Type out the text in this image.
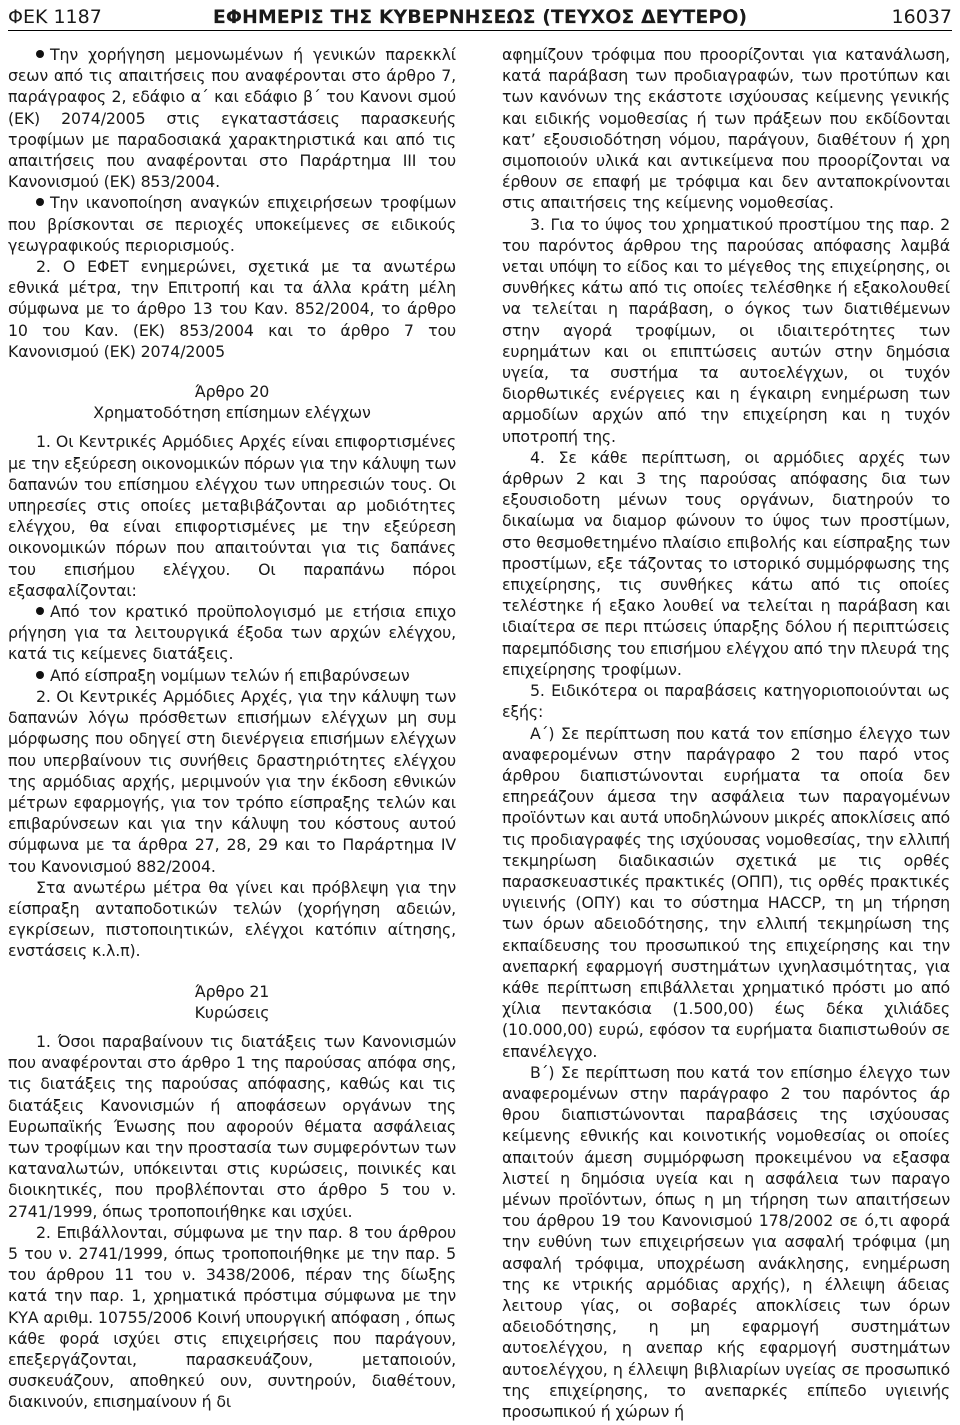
ΦΕΚ 1187	ΕΦΗΜΕΡΙΣ ΤΗΣ ΚΥΒΕΡΝΗΣΕΩΣ (ΤΕΥΧΟΣ ΔΕΥΤΕΡΟ)	16037

Την χορήγηση μεμονωμένων ή γενικών παρεκκλί σεων από τις απαιτήσεις που αναφέρονται στο άρθρο 7, παράγραφος 2, εδάφιο α΄ και εδάφιο β΄ του Κανονι σμού (ΕΚ) 2074/2005 στις εγκαταστάσεις παρασκευής τροφίμων με παραδοσιακά χαρακτηριστικά και από τις απαιτήσεις που αναφέρονται στο Παράρτημα ΙΙΙ του Κανονισμού (ΕΚ) 853/2004.

Την ικανοποίηση αναγκών επιχειρήσεων τροφίμων που βρίσκονται σε περιοχές υποκείμενες σε ειδικούς γεωγραφικούς περιορισμούς.

2. Ο ΕΦΕΤ ενημερώνει, σχετικά με τα ανωτέρω εθνικά μέτρα, την Επιτροπή και τα άλλα κράτη μέλη σύμφωνα με το άρθρο 13 του Καν. 852/2004, το άρθρο 10 του Καν. (ΕΚ) 853/2004 και το άρθρο 7 του Κανονισμού (ΕΚ) 2074/2005

Άρθρο 20

Χρηματοδότηση επίσημων ελέγχων

1. Οι Κεντρικές Αρμόδιες Αρχές είναι επιφορτισμένες με την εξεύρεση οικονομικών πόρων για την κάλυψη των δαπανών του επίσημου ελέγχου των υπηρεσιών τους. Οι υπηρεσίες στις οποίες μεταβιβάζονται αρ μοδιότητες ελέγχου, θα είναι επιφορτισμένες με την εξεύρεση οικονομικών πόρων που απαιτούνται για τις δαπάνες του επισήμου ελέγχου. Οι παραπάνω πόροι εξασφαλίζονται:

Από τον κρατικό προϋπολογισμό με ετήσια επιχο ρήγηση για τα λειτουργικά έξοδα των αρχών ελέγχου, κατά τις κείμενες διατάξεις.

Από είσπραξη νομίμων τελών ή επιβαρύνσεων

2. Οι Κεντρικές Αρμόδιες Αρχές, για την κάλυψη των δαπανών λόγω πρόσθετων επισήμων ελέγχων μη συμ μόρφωσης που οδηγεί στη διενέργεια επισήμων ελέγχων που υπερβαίνουν τις συνήθεις δραστηριότητες ελέγχου της αρμόδιας αρχής, μεριμνούν για την έκδοση εθνικών μέτρων εφαρμογής, για τον τρόπο είσπραξης τελών και επιβαρύνσεων και για την κάλυψη του κόστους αυτού σύμφωνα με τα άρθρα 27, 28, 29 και το Παράρτημα IV του Κανονισμού 882/2004.

Στα ανωτέρω μέτρα θα γίνει και πρόβλεψη για την είσπραξη ανταποδοτικών τελών (χορήγηση αδειών, εγκρίσεων, πιστοποιητικών, ελέγχοι κατόπιν αίτησης, ενστάσεις κ.λ.π).

Άρθρο 21

Κυρώσεις

1. Όσοι παραβαίνουν τις διατάξεις των Κανονισμών που αναφέρονται στο άρθρο 1 της παρούσας απόφα σης, τις διατάξεις της παρούσας απόφασης, καθώς και τις διατάξεις Κανονισμών ή αποφάσεων οργάνων της Ευρωπαϊκής Ένωσης που αφορούν θέματα ασφάλειας των τροφίμων και την προστασία των συμφερόντων των καταναλωτών, υπόκεινται στις κυρώσεις, ποινικές και διοικητικές, που προβλέπονται στο άρθρο 5 του ν. 2741/1999, όπως τροποποιήθηκε και ισχύει.

2. Επιβάλλονται, σύμφωνα με την παρ. 8 του άρθρου 5 του ν. 2741/1999, όπως τροποποιήθηκε με την παρ. 5 του άρθρου 11 του ν. 3438/2006, πέραν της δίωξης κατά την παρ. 1, χρηματικά πρόστιμα σύμφωνα με την ΚΥΑ αριθμ. 10755/2006 Κοινή υπουργική απόφαση , όπως κάθε φορά ισχύει στις επιχειρήσεις που παράγουν, επεξεργάζονται, παρασκευάζουν, μεταποιούν, συσκευάζουν, αποθηκεύ ουν, συντηρούν, διαθέτουν, διακινούν, επισημαίνουν ή δι

αφημίζουν τρόφιμα που προορίζονται για κατανάλωση, κατά παράβαση των προδιαγραφών, των προτύπων και των κανόνων της εκάστοτε ισχύουσας κείμενης γενικής και ειδικής νομοθεσίας ή των πράξεων που εκδίδονται κατ’ εξουσιοδότηση νόμου, παράγουν, διαθέτουν ή χρη σιμοποιούν υλικά και αντικείμενα που προορίζονται να έρθουν σε επαφή με τρόφιμα και δεν ανταποκρίνονται στις απαιτήσεις της κείμενης νομοθεσίας.

3. Για το ύψος του χρηματικού προστίμου της παρ. 2 του παρόντος άρθρου της παρούσας απόφασης λαμβά νεται υπόψη το είδος και το μέγεθος της επιχείρησης, οι συνθήκες κάτω από τις οποίες τελέσθηκε ή εξακολουθεί να τελείται η παράβαση, ο όγκος των διατιθέμενων στην αγορά τροφίμων, οι ιδιαιτερότητες των ευρημάτων και οι επιπτώσεις αυτών στην δημόσια υγεία, τα συστήμα τα αυτοελέγχων, οι τυχόν διορθωτικές ενέργειες και η έγκαιρη ενημέρωση των αρμοδίων αρχών από την επιχείρηση και η τυχόν υποτροπή της.

4. Σε κάθε περίπτωση, οι αρμόδιες αρχές των άρθρων 2 και 3 της παρούσας απόφασης δια των εξουσιοδοτη μένων τους οργάνων, διατηρούν το δικαίωμα να διαμορ φώνουν το ύψος των προστίμων, στο θεσμοθετημένο πλαίσιο επιβολής και είσπραξης των προστίμων, εξε τάζοντας το ιστορικό συμμόρφωσης της επιχείρησης, τις συνθήκες κάτω από τις οποίες τελέστηκε ή εξακο λουθεί να τελείται η παράβαση και ιδιαίτερα σε περι πτώσεις ύπαρξης δόλου ή περιπτώσεις παρεμπόδισης του επισήμου ελέγχου από την πλευρά της επιχείρησης τροφίμων.

5. Ειδικότερα οι παραβάσεις κατηγοριοποιούνται ως εξής:

Α΄) Σε περίπτωση που κατά τον επίσημο έλεγχο των αναφερομένων στην παράγραφο 2 του παρό ντος άρθρου διαπιστώνονται ευρήματα τα οποία δεν επηρεάζουν άμεσα την ασφάλεια των παραγομένων προϊόντων και αυτά υποδηλώνουν μικρές αποκλίσεις από τις προδιαγραφές της ισχύουσας νομοθεσίας, την ελλιπή τεκμηρίωση διαδικασιών σχετικά με τις ορθές παρασκευαστικές πρακτικές (ΟΠΠ), τις ορθές πρακτικές υγιεινής (ΟΠΥ) και το σύστημα HACCP, τη μη τήρηση των όρων αδειοδότησης, την ελλιπή τεκμηρίωση της εκπαίδευσης του προσωπικού της επιχείρησης και την ανεπαρκή εφαρμογή συστημάτων ιχνηλασιμότητας, για κάθε περίπτωση επιβάλλεται χρηματικό πρόστι μο από χίλια πεντακόσια (1.500,00) έως δέκα χιλιάδες (10.000,00) ευρώ, εφόσον τα ευρήματα διαπιστωθούν σε επανέλεγχο.

Β΄) Σε περίπτωση που κατά τον επίσημο έλεγχο των αναφερομένων στην παράγραφο 2 του παρόντος άρ θρου διαπιστώνονται παραβάσεις της ισχύουσας κείμενης εθνικής και κοινοτικής νομοθεσίας οι οποίες απαιτούν άμεση συμμόρφωση προκειμένου να εξασφα λιστεί η δημόσια υγεία και η ασφάλεια των παραγο μένων προϊόντων, όπως η μη τήρηση των απαιτήσεων του άρθρου 19 του Κανονισμού 178/2002 σε ό,τι αφορά την ευθύνη των επιχειρήσεων για ασφαλή τρόφιμα (μη ασφαλή τρόφιμα, υποχρέωση ανάκλησης, ενημέρωση της κε ντρικής αρμόδιας αρχής), η έλλειψη άδειας λειτουρ γίας, οι σοβαρές αποκλίσεις των όρων αδειοδότησης, η μη εφαρμογή συστημάτων αυτοελέγχου, η ανεπαρ κής εφαρμογή συστημάτων αυτοελέγχου, η έλλειψη βιβλιαρίων υγείας σε προσωπικό της επιχείρησης, το ανεπαρκές επίπεδο υγιεινής προσωπικού ή χώρων ή
